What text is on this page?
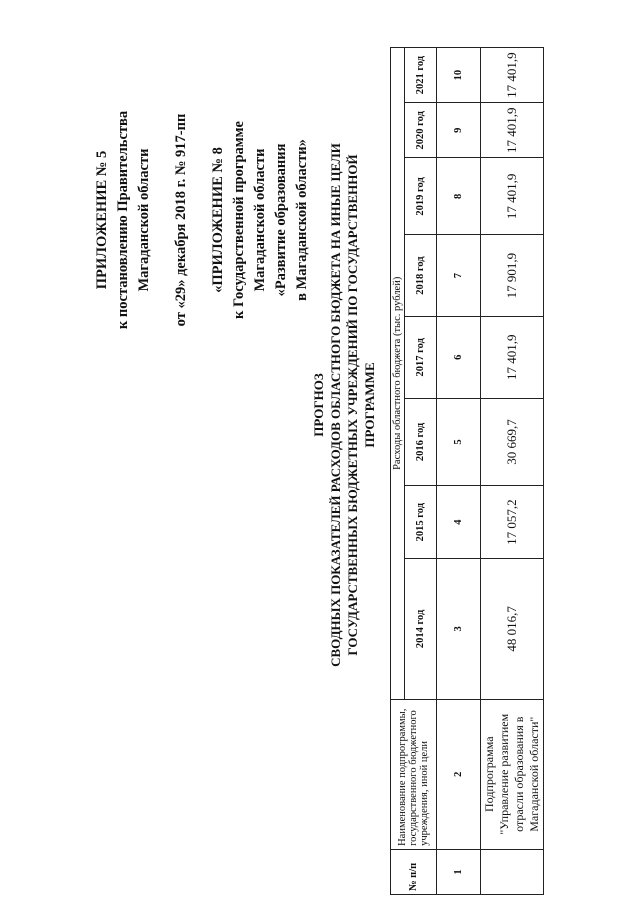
ПРИЛОЖЕНИЕ № 5 к постановлению Правительства Магаданской области от «29» декабря 2018 г. № 917-пп «ПРИЛОЖЕНИЕ № 8 к Государственной программе Магаданской области «Развитие образования в Магаданской области»
ПРОГНОЗ СВОДНЫХ ПОКАЗАТЕЛЕЙ РАСХОДОВ ОБЛАСТНОГО БЮДЖЕТА НА ИНЫЕ ЦЕЛИ ГОСУДАРСТВЕННЫХ БЮДЖЕТНЫХ УЧРЕЖДЕНИЙ ПО ГОСУДАРСТВЕННОЙ ПРОГРАММЕ
№ п/п	Наименование подпрограммы, государственного бюджетного учреждения, иной цели	Расходы областного бюджета (тыс. рублей)							
		2014 год	2015 год	2016 год	2017 год	2018 год	2019 год	2020 год	2021 год
1	2	3	4	5	6	7	8	9	10
	Подпрограмма "Управление развитием отрасли образования в Магаданской области"	48 016,7	17 057,2	30 669,7	17 401,9	17 901,9	17 401,9	17 401,9	17 401,9
